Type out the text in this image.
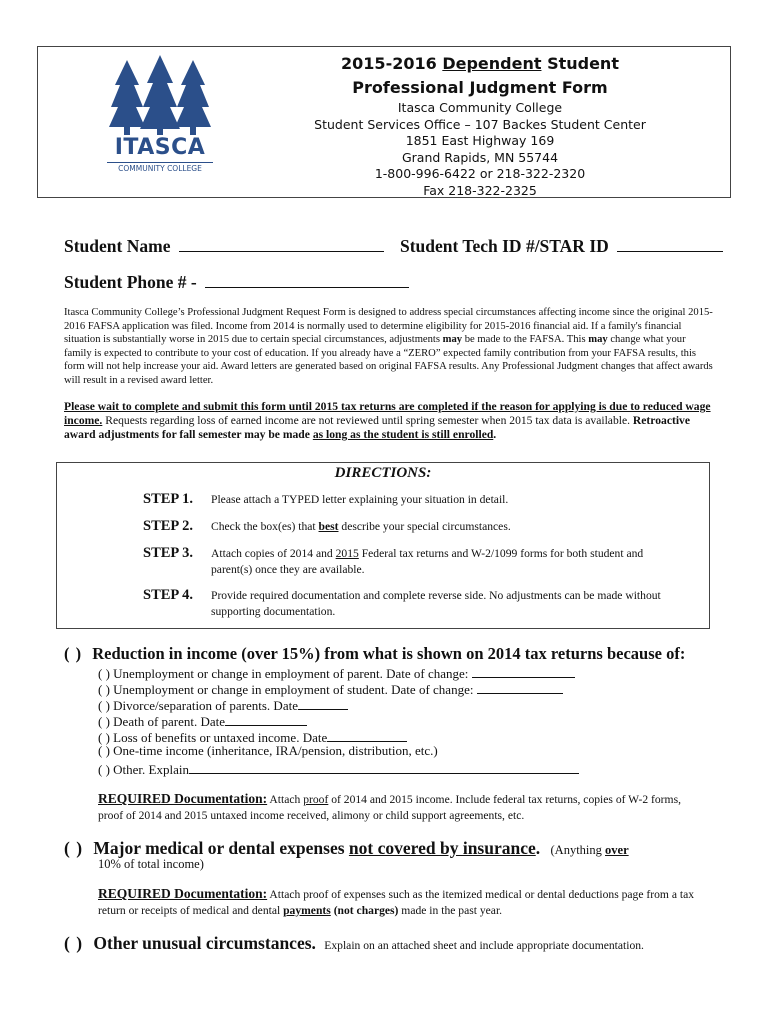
ITASCA
COMMUNITY COLLEGE
2015-2016 Dependent Student
Professional Judgment Form
Itasca Community College
Student Services Office – 107 Backes Student Center
1851 East Highway 169
Grand Rapids, MN 55744
1-800-996-6422 or 218-322-2320
Fax 218-322-2325
Student Name	Student Tech ID #/STAR ID
Student Phone # -
Itasca Community College’s Professional Judgment Request Form is designed to address special circumstances affecting income since the original 2015-2016 FAFSA application was filed. Income from 2014 is normally used to determine eligibility for 2015-2016 financial aid. If a family's financial situation is substantially worse in 2015 due to certain special circumstances, adjustments may be made to the FAFSA. This may change what your family is expected to contribute to your cost of education. If you already have a “ZERO” expected family contribution from your FAFSA results, this form will not help increase your aid. Award letters are generated based on original FAFSA results. Any Professional Judgment changes that affect awards will result in a revised award letter.
Please wait to complete and submit this form until 2015 tax returns are completed if the reason for applying is due to reduced wage income. Requests regarding loss of earned income are not reviewed until spring semester when 2015 tax data is available. Retroactive award adjustments for fall semester may be made as long as the student is still enrolled.
DIRECTIONS:
STEP 1. Please attach a TYPED letter explaining your situation in detail.
STEP 2. Check the box(es) that best describe your special circumstances.
STEP 3. Attach copies of 2014 and 2015 Federal tax returns and W-2/1099 forms for both student and parent(s) once they are available.
STEP 4. Provide required documentation and complete reverse side. No adjustments can be made without supporting documentation.
( ) Reduction in income (over 15%) from what is shown on 2014 tax returns because of:
( ) Unemployment or change in employment of parent. Date of change:
( ) Unemployment or change in employment of student. Date of change:
( ) Divorce/separation of parents. Date
( ) Death of parent. Date
( ) Loss of benefits or untaxed income. Date
( ) One-time income (inheritance, IRA/pension, distribution, etc.)
( ) Other. Explain
REQUIRED Documentation: Attach proof of 2014 and 2015 income. Include federal tax returns, copies of W-2 forms, proof of 2014 and 2015 untaxed income received, alimony or child support agreements, etc.
( ) Major medical or dental expenses not covered by insurance. (Anything over
10% of total income)
REQUIRED Documentation: Attach proof of expenses such as the itemized medical or dental deductions page from a tax return or receipts of medical and dental payments (not charges) made in the past year.
( ) Other unusual circumstances. Explain on an attached sheet and include appropriate documentation.
